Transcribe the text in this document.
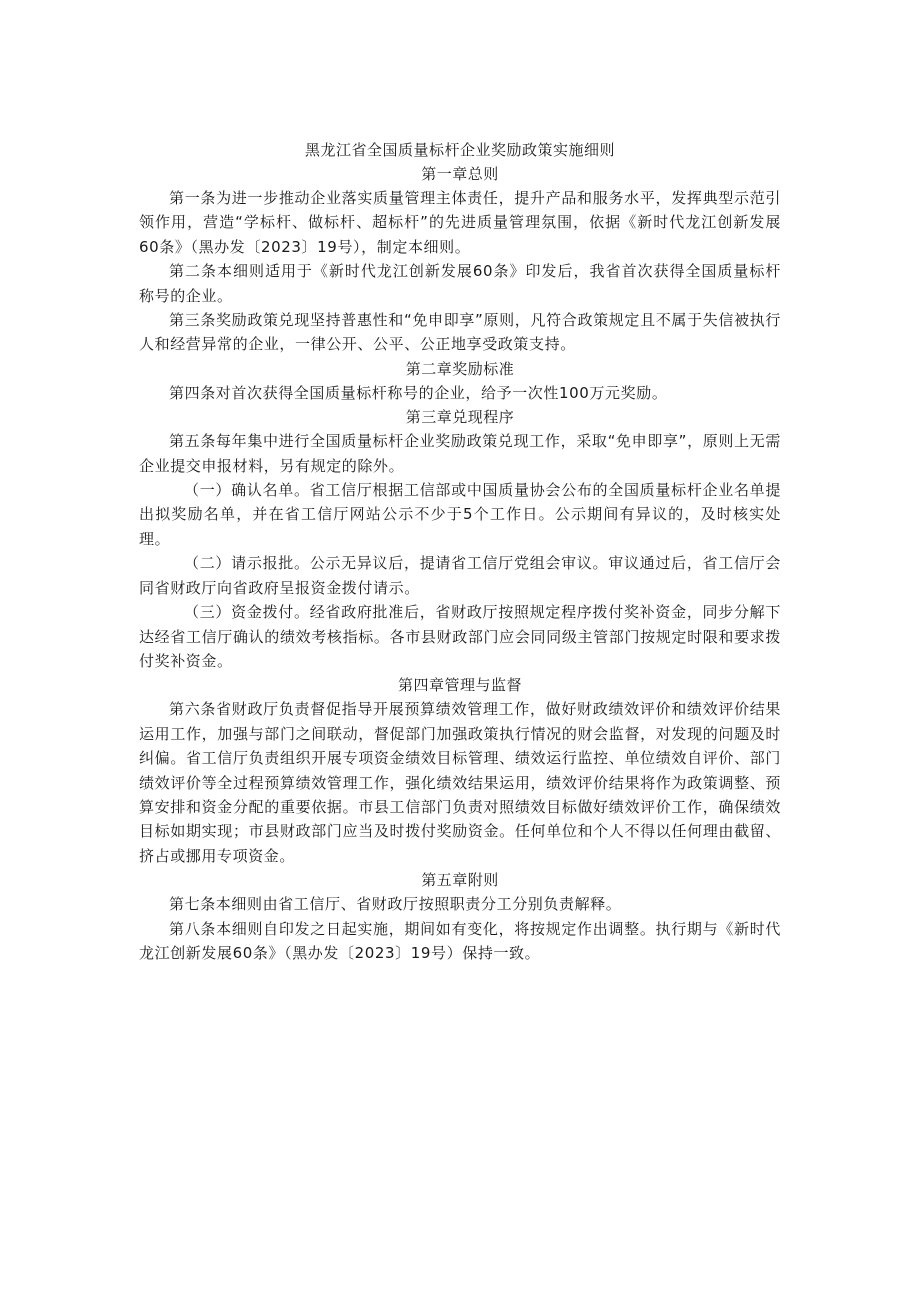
黑龙江省全国质量标杆企业奖励政策实施细则
第一章总则

第一条为进一步推动企业落实质量管理主体责任，提升产品和服务水平，发挥典型示范引领作用，营造“学标杆、做标杆、超标杆”的先进质量管理氛围，依据《新时代龙江创新发展60条》（黑办发〔2023〕19号），制定本细则。

第二条本细则适用于《新时代龙江创新发展60条》印发后，我省首次获得全国质量标杆称号的企业。

第三条奖励政策兑现坚持普惠性和“免申即享”原则，凡符合政策规定且不属于失信被执行人和经营异常的企业，一律公开、公平、公正地享受政策支持。

第二章奖励标准

第四条对首次获得全国质量标杆称号的企业，给予一次性100万元奖励。

第三章兑现程序

第五条每年集中进行全国质量标杆企业奖励政策兑现工作，采取“免申即享”，原则上无需企业提交申报材料，另有规定的除外。

（一）确认名单。省工信厅根据工信部或中国质量协会公布的全国质量标杆企业名单提出拟奖励名单，并在省工信厅网站公示不少于5个工作日。公示期间有异议的，及时核实处理。

（二）请示报批。公示无异议后，提请省工信厅党组会审议。审议通过后，省工信厅会同省财政厅向省政府呈报资金拨付请示。

（三）资金拨付。经省政府批准后，省财政厅按照规定程序拨付奖补资金，同步分解下达经省工信厅确认的绩效考核指标。各市县财政部门应会同同级主管部门按规定时限和要求拨付奖补资金。

第四章管理与监督

第六条省财政厅负责督促指导开展预算绩效管理工作，做好财政绩效评价和绩效评价结果运用工作，加强与部门之间联动，督促部门加强政策执行情况的财会监督，对发现的问题及时纠偏。省工信厅负责组织开展专项资金绩效目标管理、绩效运行监控、单位绩效自评价、部门绩效评价等全过程预算绩效管理工作，强化绩效结果运用，绩效评价结果将作为政策调整、预算安排和资金分配的重要依据。市县工信部门负责对照绩效目标做好绩效评价工作，确保绩效目标如期实现；市县财政部门应当及时拨付奖励资金。任何单位和个人不得以任何理由截留、挤占或挪用专项资金。

第五章附则

第七条本细则由省工信厅、省财政厅按照职责分工分别负责解释。

第八条本细则自印发之日起实施，期间如有变化，将按规定作出调整。执行期与《新时代龙江创新发展60条》（黑办发〔2023〕19号）保持一致。
